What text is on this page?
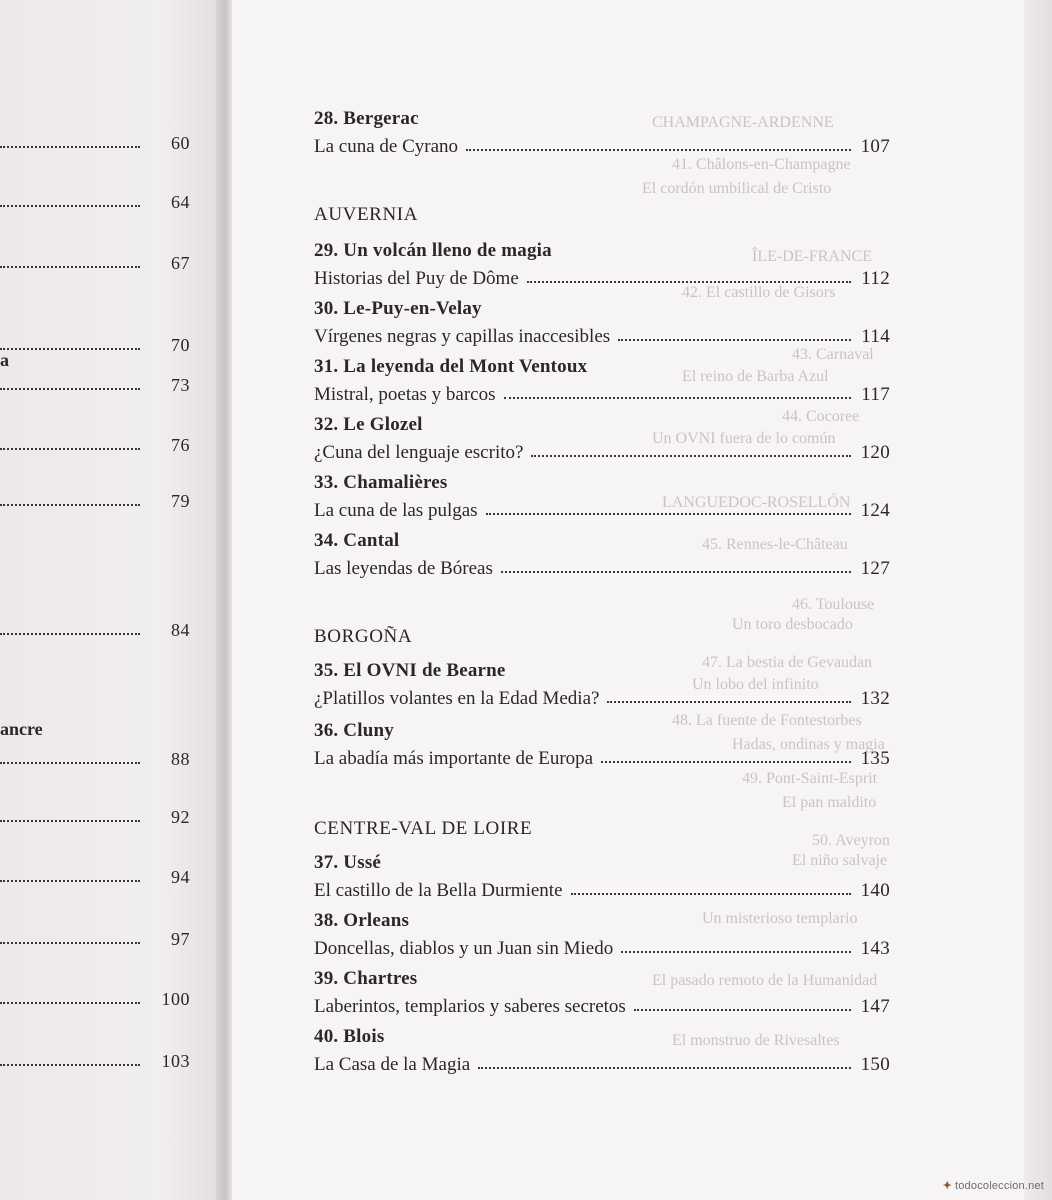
60
64
67
70
a
73
76
79
84
ancre
88
92
94
97
100
103
CHAMPAGNE-ARDENNE
41. Châlons-en-Champagne
El cordón umbilical de Cristo
ÎLE-DE-FRANCE
42. El castillo de Gisors
43. Carnaval
El reino de Barba Azul
44. Cocoree
Un OVNI fuera de lo común
LANGUEDOC-ROSELLÓN
45. Rennes-le-Château
46. Toulouse
Un toro desbocado
47. La bestia de Gevaudan
Un lobo del infinito
48. La fuente de Fontestorbes
Hadas, ondinas y magia
49. Pont-Saint-Esprit
El pan maldito
50. Aveyron
El niño salvaje
Un misterioso templario
El pasado remoto de la Humanidad
El monstruo de Rivesaltes
28. Bergerac
La cuna de Cyrano	107
AUVERNIA
29. Un volcán lleno de magia
Historias del Puy de Dôme	112
30. Le-Puy-en-Velay
Vírgenes negras y capillas inaccesibles	114
31. La leyenda del Mont Ventoux
Mistral, poetas y barcos	117
32. Le Glozel
¿Cuna del lenguaje escrito?	120
33. Chamalières
La cuna de las pulgas	124
34. Cantal
Las leyendas de Bóreas	127
BORGOÑA
35. El OVNI de Bearne
¿Platillos volantes en la Edad Media?	132
36. Cluny
La abadía más importante de Europa	135
CENTRE-VAL DE LOIRE
37. Ussé
El castillo de la Bella Durmiente	140
38. Orleans
Doncellas, diablos y un Juan sin Miedo	143
39. Chartres
Laberintos, templarios y saberes secretos	147
40. Blois
La Casa de la Magia	150
✦ todocoleccion.net
